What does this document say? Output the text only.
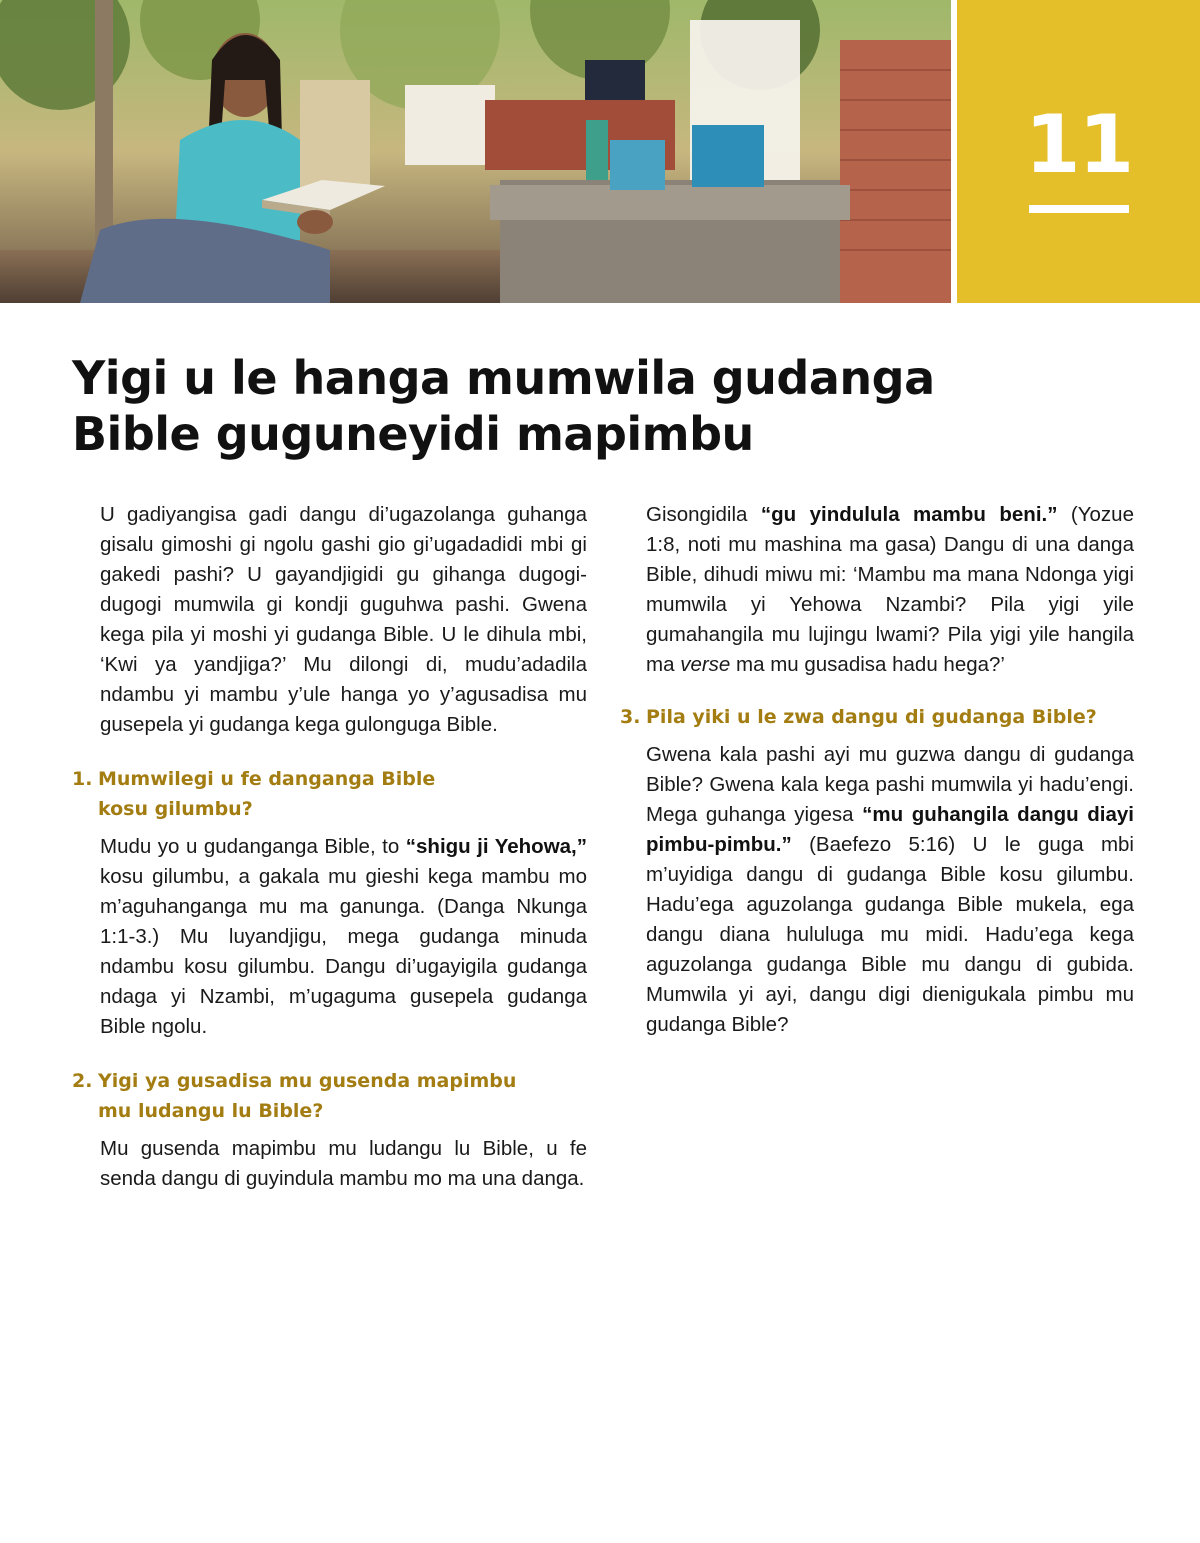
11
Yigi u le hanga mumwila gudanga
Bible guguneyidi mapimbu

U gadiyangisa gadi dangu di’ugazolanga guhanga gisalu gimoshi gi ngolu gashi gio gi’ugadadidi mbi gi gakedi pashi? U gayandjigidi gu gihanga dugogi-dugogi mumwila gi kondji guguhwa pashi. Gwena kega pila yi moshi yi gudanga Bible. U le dihula mbi, ‘Kwi ya yandjiga?’ Mu dilongi di, mudu’adadila ndambu yi mambu y’ule hanga yo y’agusadisa mu gusepela yi gudanga kega gulonguga Bible.

1. Mumwilegi u fe danganga Bible
kosu gilumbu?

Mudu yo u gudanganga Bible, to “shigu ji Yehowa,” kosu gilumbu, a gakala mu gieshi kega mambu mo m’aguhanganga mu ma ganunga. (Danga Nkunga 1:1-3.) Mu luyandjigu, mega gudanga minuda ndambu kosu gilumbu. Dangu di’ugayigila gudanga ndaga yi Nzambi, m’ugaguma gusepela gudanga Bible ngolu.

2. Yigi ya gusadisa mu gusenda mapimbu
mu ludangu lu Bible?

Mu gusenda mapimbu mu ludangu lu Bible, u fe senda dangu di guyindula mambu mo ma una danga.

Gisongidila “gu yindulula mambu beni.” (Yozue 1:8, noti mu mashina ma gasa) Dangu di una danga Bible, dihudi miwu mi: ‘Mambu ma mana Ndonga yigi mumwila yi Yehowa Nzambi? Pila yigi yile gumahangila mu lujingu lwami? Pila yigi yile hangila ma verse ma mu gusadisa hadu hega?’

3. Pila yiki u le zwa dangu di gudanga Bible?

Gwena kala pashi ayi mu guzwa dangu di gudanga Bible? Gwena kala kega pashi mumwila yi hadu’engi. Mega guhanga yigesa “mu guhangila dangu diayi pimbu-pimbu.” (Baefezo 5:16) U le guga mbi m’uyidiga dangu di gudanga Bible kosu gilumbu. Hadu’ega aguzolanga gudanga Bible mukela, ega dangu diana hululuga mu midi. Hadu’ega kega aguzolanga gudanga Bible mu dangu di gubida. Mumwila yi ayi, dangu digi dienigukala pimbu mu gudanga Bible?
